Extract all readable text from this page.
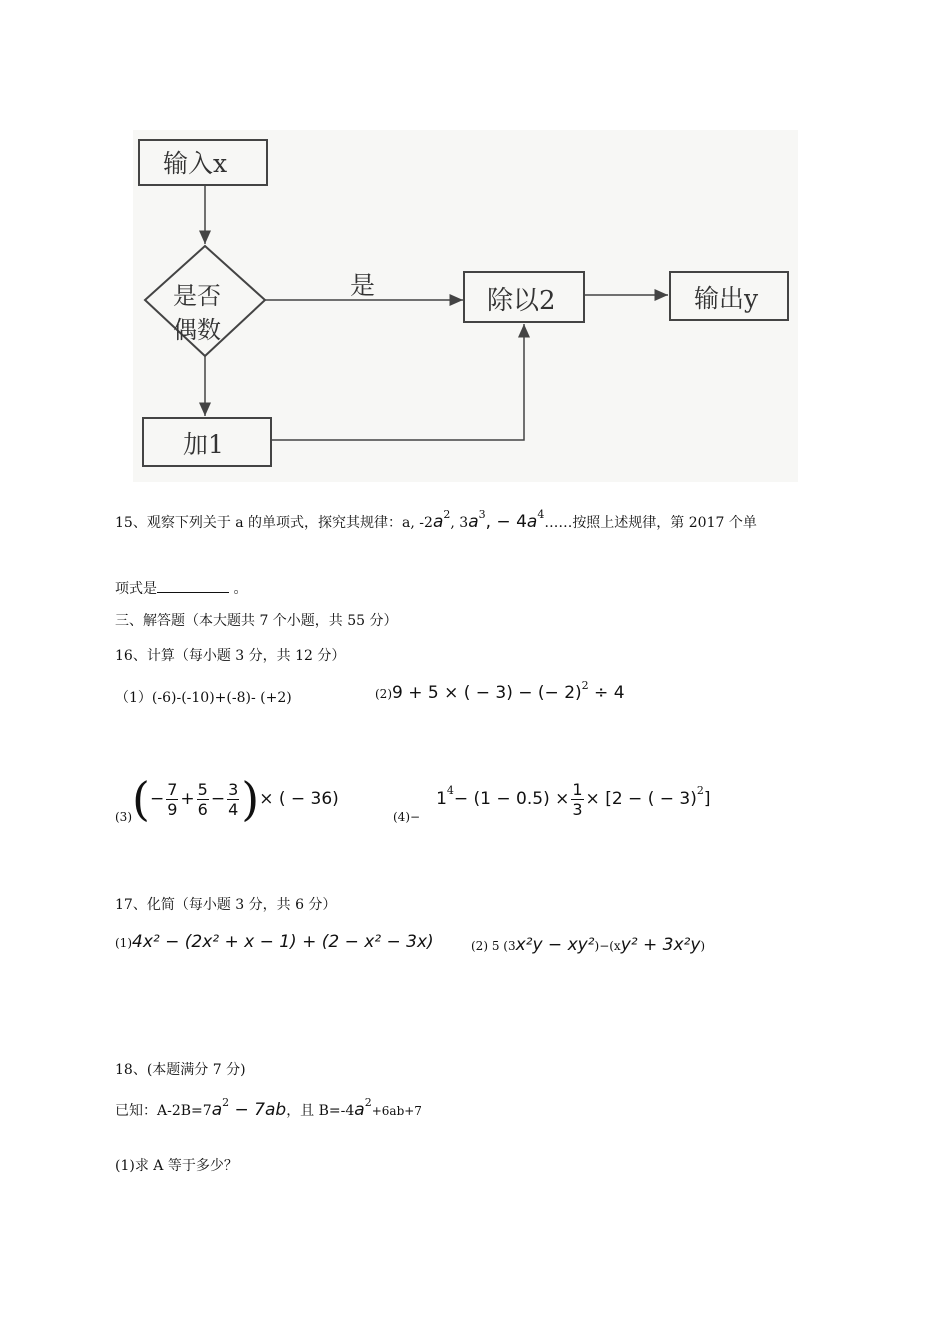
输入x
是否
偶数
是
除以2	输出y
加1
15、观察下列关于 a 的单项式，探究其规律：a, $-2a^2$, $3a^3$, − $4a^4\dots\dots$按照上述规律，第 2017 个单
项式是	。
三、解答题（本大题共 7 个小题，共 55 分）
16、计算（每小题 3 分，共 12 分）
（1）(-6)-(-10)+(-8)- (+2)	(2)9 + 5 × ( − 3) − (− 2)$^2$ ÷ 4
(3) ( − $\frac{7}{9} + \frac{5}{6} - \frac{3}{4}$ ) × ( − 36)
(4)−
1 $4 - (1 - 0.5) \times \frac{1}{3} \times [2$ − ( − 3) 2 ]
17、化简（每小题 3 分，共 6 分）
(1)4x² − (2x² + x − 1) + (2 − x² − 3x)	(2) 5 (3x²y − xy²)−(xy² + 3x²y)
18、(本题满分 7 分)
已知：$A-2B=7a^2 - 7ab$，且 $B=-4a^2+6ab+7$
(1)求 A 等于多少？
